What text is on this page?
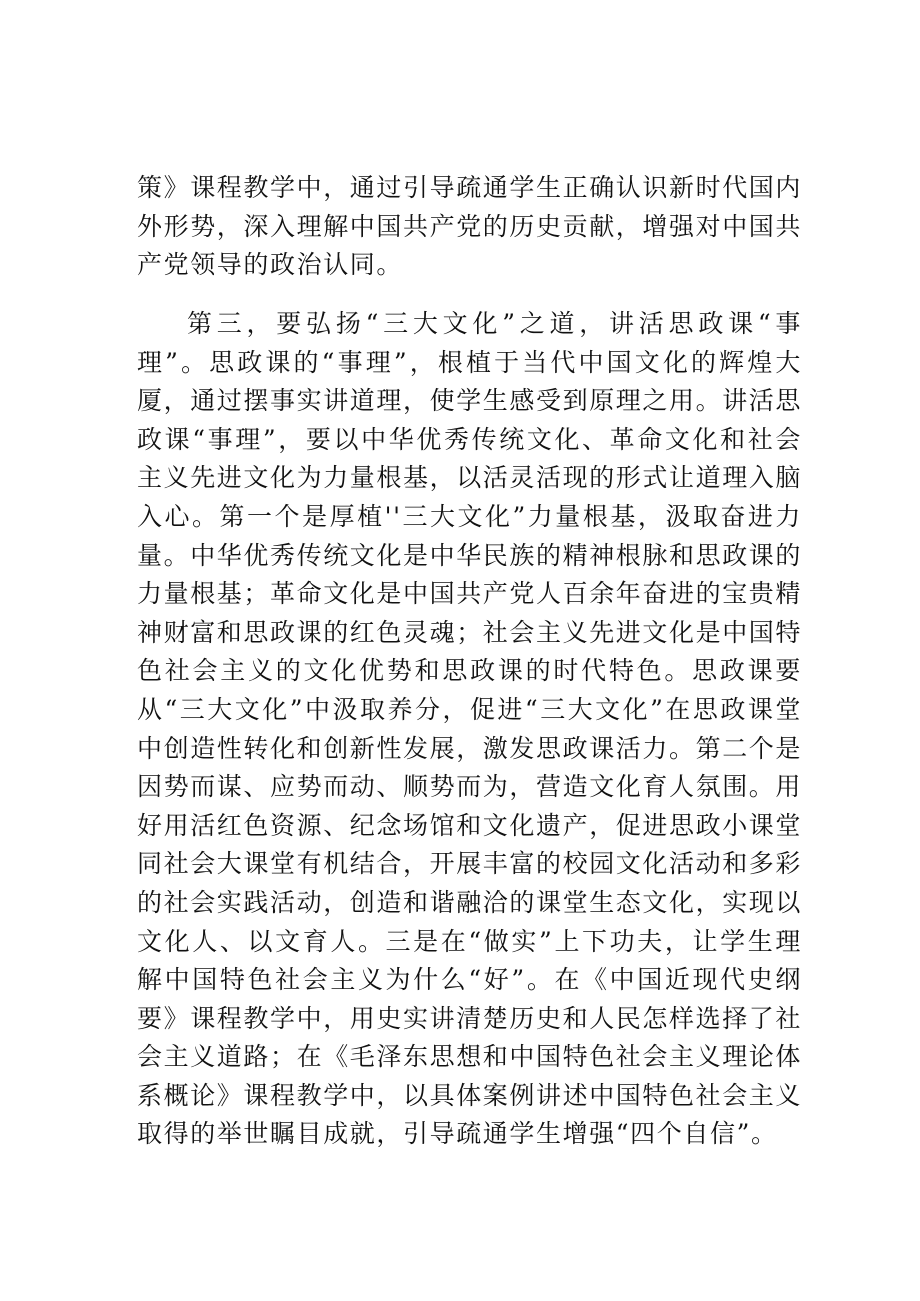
策》课程教学中，通过引导疏通学生正确认识新时代国内外形势，深入理解中国共产党的历史贡献，增强对中国共产党领导的政治认同。

第三，要弘扬“三大文化”之道，讲活思政课“事理”。思政课的“事理”，根植于当代中国文化的辉煌大厦，通过摆事实讲道理，使学生感受到原理之用。讲活思政课“事理”，要以中华优秀传统文化、革命文化和社会主义先进文化为力量根基，以活灵活现的形式让道理入脑入心。第一个是厚植''三大文化”力量根基，汲取奋进力量。中华优秀传统文化是中华民族的精神根脉和思政课的力量根基；革命文化是中国共产党人百余年奋进的宝贵精神财富和思政课的红色灵魂；社会主义先进文化是中国特色社会主义的文化优势和思政课的时代特色。思政课要从“三大文化”中汲取养分，促进“三大文化”在思政课堂中创造性转化和创新性发展，激发思政课活力。第二个是因势而谋、应势而动、顺势而为，营造文化育人氛围。用好用活红色资源、纪念场馆和文化遗产，促进思政小课堂同社会大课堂有机结合，开展丰富的校园文化活动和多彩的社会实践活动，创造和谐融洽的课堂生态文化，实现以文化人、以文育人。三是在“做实”上下功夫，让学生理解中国特色社会主义为什么“好”。在《中国近现代史纲要》课程教学中，用史实讲清楚历史和人民怎样选择了社会主义道路；在《毛泽东思想和中国特色社会主义理论体系概论》课程教学中，以具体案例讲述中国特色社会主义取得的举世瞩目成就，引导疏通学生增强“四个自信”。
